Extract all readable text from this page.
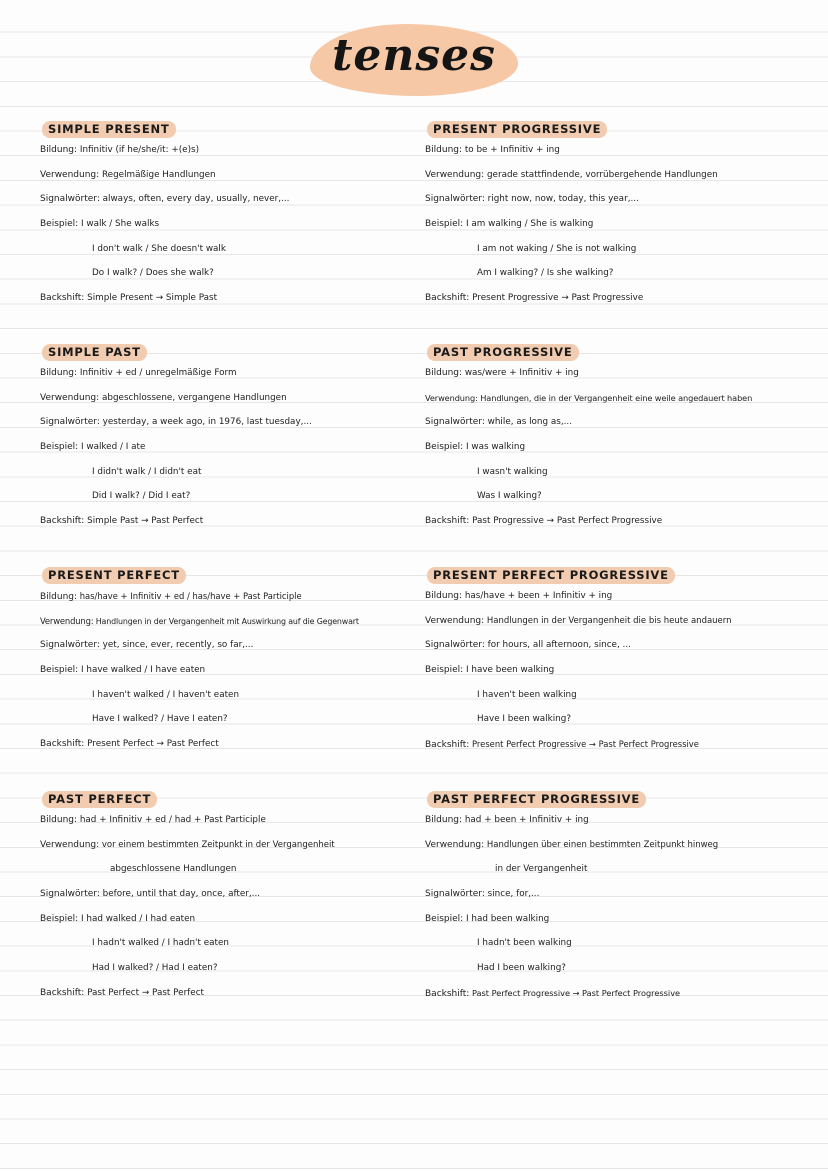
tenses
SIMPLE PRESENT
Bildung: Infinitiv (if he/she/it: +(e)s)
Verwendung: Regelmäßige Handlungen
Signalwörter: always, often, every day, usually, never,...
Beispiel: I walk / She walks
I don't walk / She doesn't walk
Do I walk? / Does she walk?
Backshift: Simple Present → Simple Past
PRESENT PROGRESSIVE
Bildung: to be + Infinitiv + ing
Verwendung: gerade stattfindende, vorrübergehende Handlungen
Signalwörter: right now, now, today, this year,...
Beispiel: I am walking / She is walking
I am not waking / She is not walking
Am I walking? / Is she walking?
Backshift: Present Progressive → Past Progressive
SIMPLE PAST
Bildung: Infinitiv + ed / unregelmäßige Form
Verwendung: abgeschlossene, vergangene Handlungen
Signalwörter: yesterday, a week ago, in 1976, last tuesday,...
Beispiel: I walked / I ate
I didn't walk / I didn't eat
Did I walk? / Did I eat?
Backshift: Simple Past → Past Perfect
PAST PROGRESSIVE
Bildung: was/were + Infinitiv + ing
Verwendung: Handlungen, die in der Vergangenheit eine weile angedauert haben
Signalwörter: while, as long as,...
Beispiel: I was walking
I wasn't walking
Was I walking?
Backshift: Past Progressive → Past Perfect Progressive
PRESENT PERFECT
Bildung: has/have + Infinitiv + ed / has/have + Past Participle
Verwendung: Handlungen in der Vergangenheit mit Auswirkung auf die Gegenwart
Signalwörter: yet, since, ever, recently, so far,...
Beispiel: I have walked / I have eaten
I haven't walked / I haven't eaten
Have I walked? / Have I eaten?
Backshift: Present Perfect → Past Perfect
PRESENT PERFECT PROGRESSIVE
Bildung: has/have + been + Infinitiv + ing
Verwendung: Handlungen in der Vergangenheit die bis heute andauern
Signalwörter: for hours, all afternoon, since, ...
Beispiel: I have been walking
I haven't been walking
Have I been walking?
Backshift: Present Perfect Progressive → Past Perfect Progressive
PAST PERFECT
Bildung: had + Infinitiv + ed / had + Past Participle
Verwendung: vor einem bestimmten Zeitpunkt in der Vergangenheit
abgeschlossene Handlungen
Signalwörter: before, until that day, once, after,...
Beispiel: I had walked / I had eaten
I hadn't walked / I hadn't eaten
Had I walked? / Had I eaten?
Backshift: Past Perfect → Past Perfect
PAST PERFECT PROGRESSIVE
Bildung: had + been + Infinitiv + ing
Verwendung: Handlungen über einen bestimmten Zeitpunkt hinweg
in der Vergangenheit
Signalwörter: since, for,...
Beispiel: I had been walking
I hadn't been walking
Had I been walking?
Backshift: Past Perfect Progressive → Past Perfect Progressive
